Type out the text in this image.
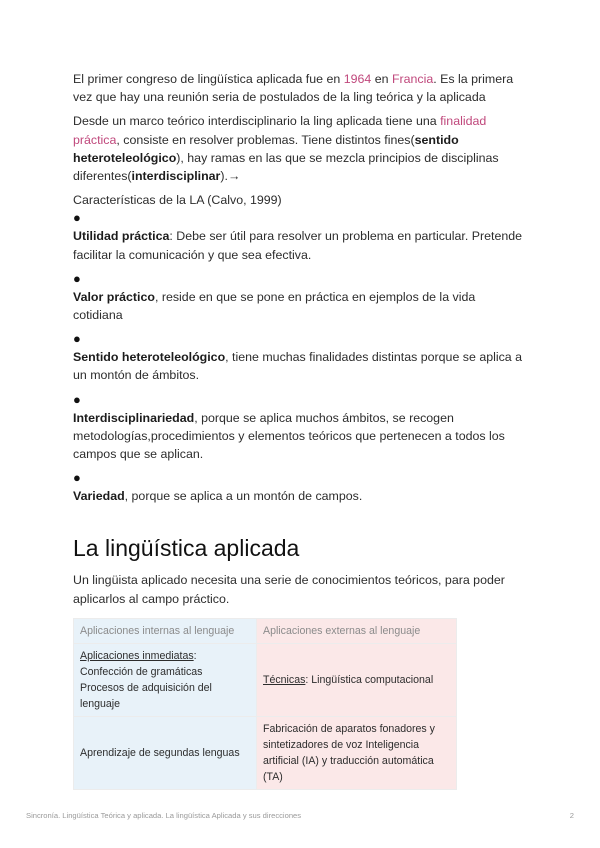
El primer congreso de lingüística aplicada fue en 1964 en Francia. Es la primera vez que hay una reunión seria de postulados de la ling teórica y la aplicada

Desde un marco teórico interdisciplinario la ling aplicada tiene una finalidad práctica, consiste en resolver problemas. Tiene distintos fines(sentido heteroteleológico), hay ramas en las que se mezcla principios de disciplinas diferentes(interdisciplinar).→

Características de la LA (Calvo, 1999)

●

Utilidad práctica: Debe ser útil para resolver un problema en particular. Pretende facilitar la comunicación y que sea efectiva.

●

Valor práctico, reside en que se pone en práctica en ejemplos de la vida cotidiana

●

Sentido heteroteleológico, tiene muchas finalidades distintas porque se aplica a un montón de ámbitos.

●

Interdisciplinariedad, porque se aplica muchos ámbitos, se recogen metodologías,procedimientos y elementos teóricos que pertenecen a todos los campos que se aplican.

●

Variedad, porque se aplica a un montón de campos.

La lingüística aplicada

Un lingüista aplicado necesita una serie de conocimientos teóricos, para poder aplicarlos al campo práctico.

Aplicaciones internas al lenguaje	Aplicaciones externas al lenguaje

Aplicaciones inmediatas:
Confección de gramáticas
Procesos de adquisición del lenguaje	Técnicas: Lingüística computacional
Aprendizaje de segundas lenguas	Fabricación de aparatos fonadores y sintetizadores de voz Inteligencia artificial (IA) y traducción automática (TA)
Sincronía. Lingüística Teórica y aplicada. La lingüística Aplicada y sus direcciones	2
